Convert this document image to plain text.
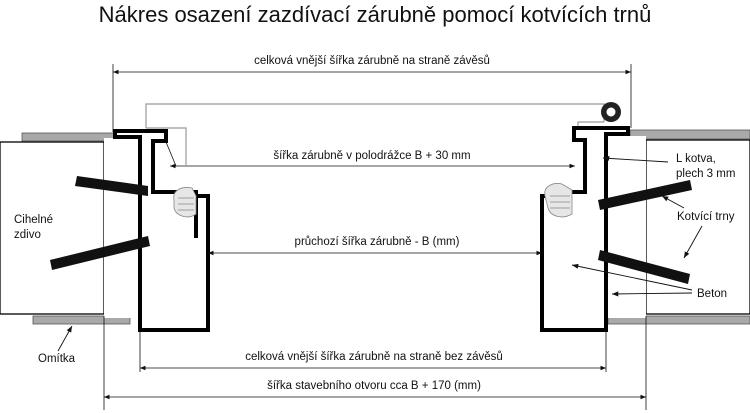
Nákres osazení zazdívací zárubně pomocí kotvících trnů
celková vnější šířka zárubně na straně závěsů
šířka zárubně v polodrážce B + 30 mm
průchozí šířka zárubně - B (mm)
celková vnější šířka zárubně na straně bez závěsů
šířka stavebního otvoru cca B + 170 (mm)
Cihelné zdivo
Omítka
L kotva, plech 3 mm
Kotvící trny
Beton
